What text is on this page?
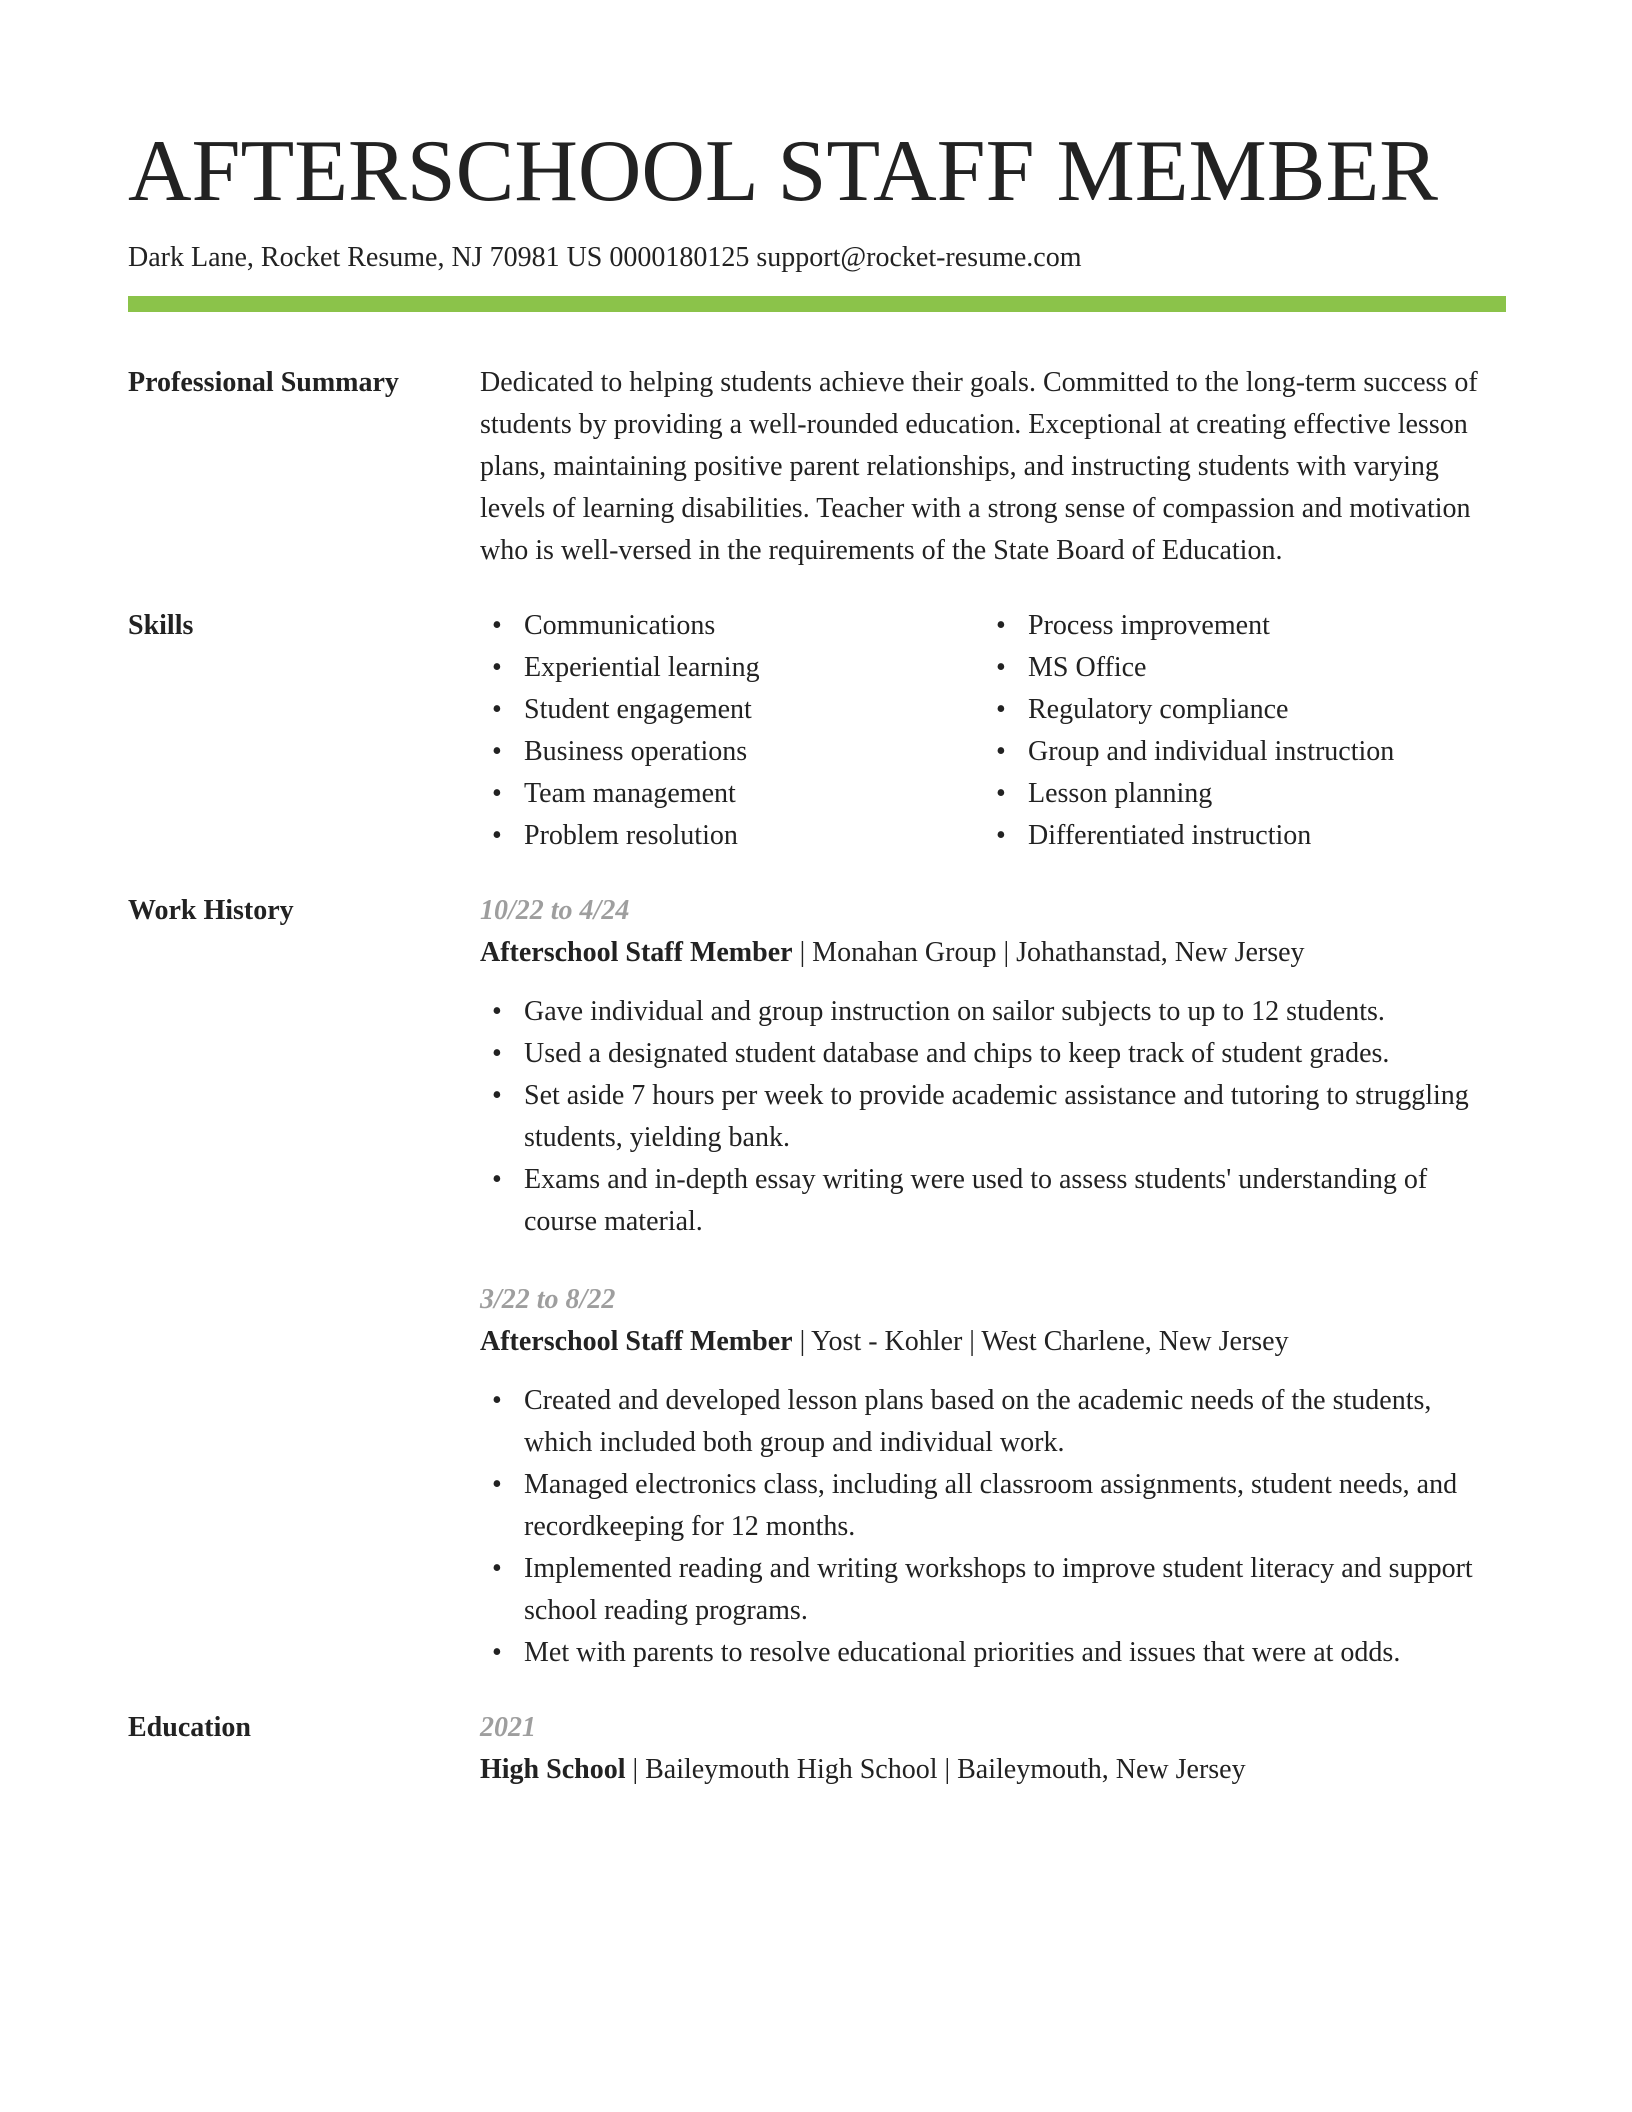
AFTERSCHOOL STAFF MEMBER
Dark Lane, Rocket Resume, NJ 70981 US 0000180125 support@rocket-resume.com
Professional Summary	Dedicated to helping students achieve their goals. Committed to the long-term success of students by providing a well-rounded education. Exceptional at creating effective lesson plans, maintaining positive parent relationships, and instructing students with varying levels of learning disabilities. Teacher with a strong sense of compassion and motivation who is well-versed in the requirements of the State Board of Education.

Skills
•	Communications
• Experiential learning
• Student engagement
• Business operations
• Team management
• Problem resolution
• Process improvement
• MS Office
• Regulatory compliance
• Group and individual instruction
• Lesson planning
• Differentiated instruction
Work History	10/22 to 4/24
Afterschool Staff Member | Monahan Group | Johathanstad, New Jersey
• Gave individual and group instruction on sailor subjects to up to 12 students.
• Used a designated student database and chips to keep track of student grades.
• Set aside 7 hours per week to provide academic assistance and tutoring to struggling students, yielding bank.
• Exams and in-depth essay writing were used to assess students' understanding of course material.
3/22 to 8/22
Afterschool Staff Member | Yost - Kohler | West Charlene, New Jersey
• Created and developed lesson plans based on the academic needs of the students, which included both group and individual work.
• Managed electronics class, including all classroom assignments, student needs, and recordkeeping for 12 months.
• Implemented reading and writing workshops to improve student literacy and support school reading programs.
• Met with parents to resolve educational priorities and issues that were at odds.
Education	2021
High School | Baileymouth High School | Baileymouth, New Jersey
